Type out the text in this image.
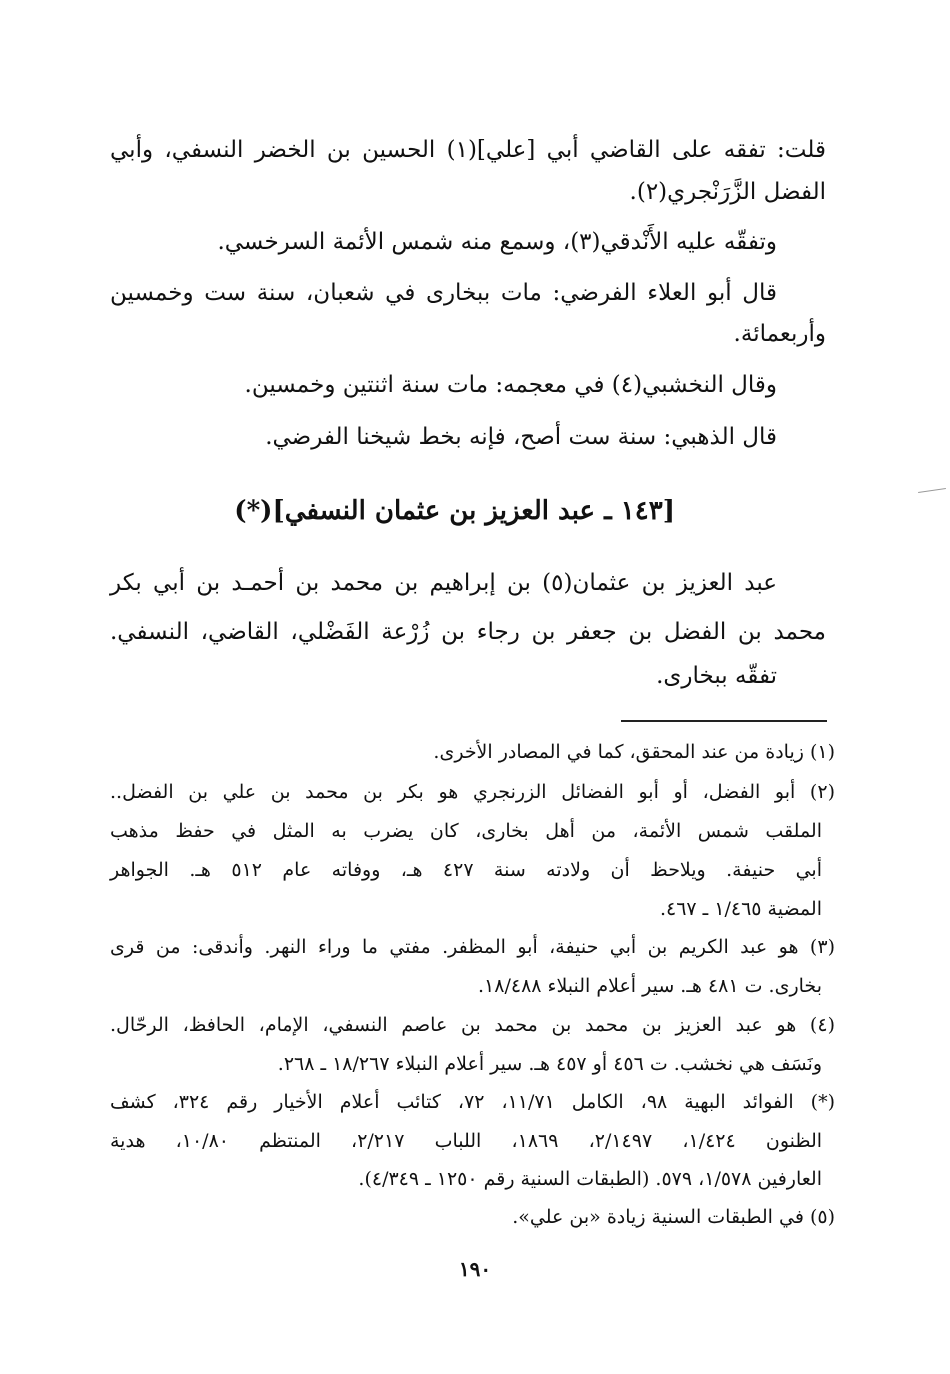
قلت: تفقه على القاضي أبي [علي](١) الحسين بن الخضر النسفي، وأبي
الفضل الزَّرَنْجري(٢).
وتفقّه عليه الأَنْدقي(٣)، وسمع منه شمس الأئمة السرخسي.
قال أبو العلاء الفرضي: مات ببخارى في شعبان، سنة ست وخمسين
وأربعمائة.
وقال النخشبي(٤) في معجمه: مات سنة اثنتين وخمسين.
قال الذهبي: سنة ست أصح، فإنه بخط شيخنا الفرضي.
[١٤٣ ـ عبد العزيز بن عثمان النسفي](*)
عبد العزيز بن عثمان(٥) بن إبراهيم بن محمد بن أحمـد بن أبي بكر
محمد بن الفضل بن جعفر بن رجاء بن زُرْعة الفَضْلي، القاضي، النسفي.
تفقّه ببخارى.
(١) زيادة من عند المحقق، كما في المصادر الأخرى.
(٢) أبو الفضل، أو أبو الفضائل الزرنجري هو بكر بن محمد بن علي بن الفضل..
الملقب شمس الأئمة، من أهل بخارى، كان يضرب به المثل في حفظ مذهب
أبي حنيفة. ويلاحظ أن ولادته سنة ٤٢٧ هـ، ووفاته عام ٥١٢ هـ. الجواهر
المضية ١/٤٦٥ ـ ٤٦٧.
(٣) هو عبد الكريم بن أبي حنيفة، أبو المظفر. مفتي ما وراء النهر. وأندقى: من قرى
بخارى. ت ٤٨١ هـ. سير أعلام النبلاء ١٨/٤٨٨.
(٤) هو عبد العزيز بن محمد بن محمد بن عاصم النسفي، الإمام، الحافظ، الرحّال.
ونَسَف هي نخشب. ت ٤٥٦ أو ٤٥٧ هـ. سير أعلام النبلاء ١٨/٢٦٧ ـ ٢٦٨.
(*) الفوائد البهية ٩٨، الكامل ١١/٧١، ٧٢، كتائب أعلام الأخيار رقم ٣٢٤، كشف
الظنون ١/٤٢٤، ٢/١٤٩٧، ١٨٦٩، اللباب ٢/٢١٧، المنتظم ١٠/٨٠، هدية
العارفين ١/٥٧٨، ٥٧٩. (الطبقات السنية رقم ١٢٥٠ ـ ٤/٣٤٩).
(٥) في الطبقات السنية زيادة «بن علي».
١٩٠
